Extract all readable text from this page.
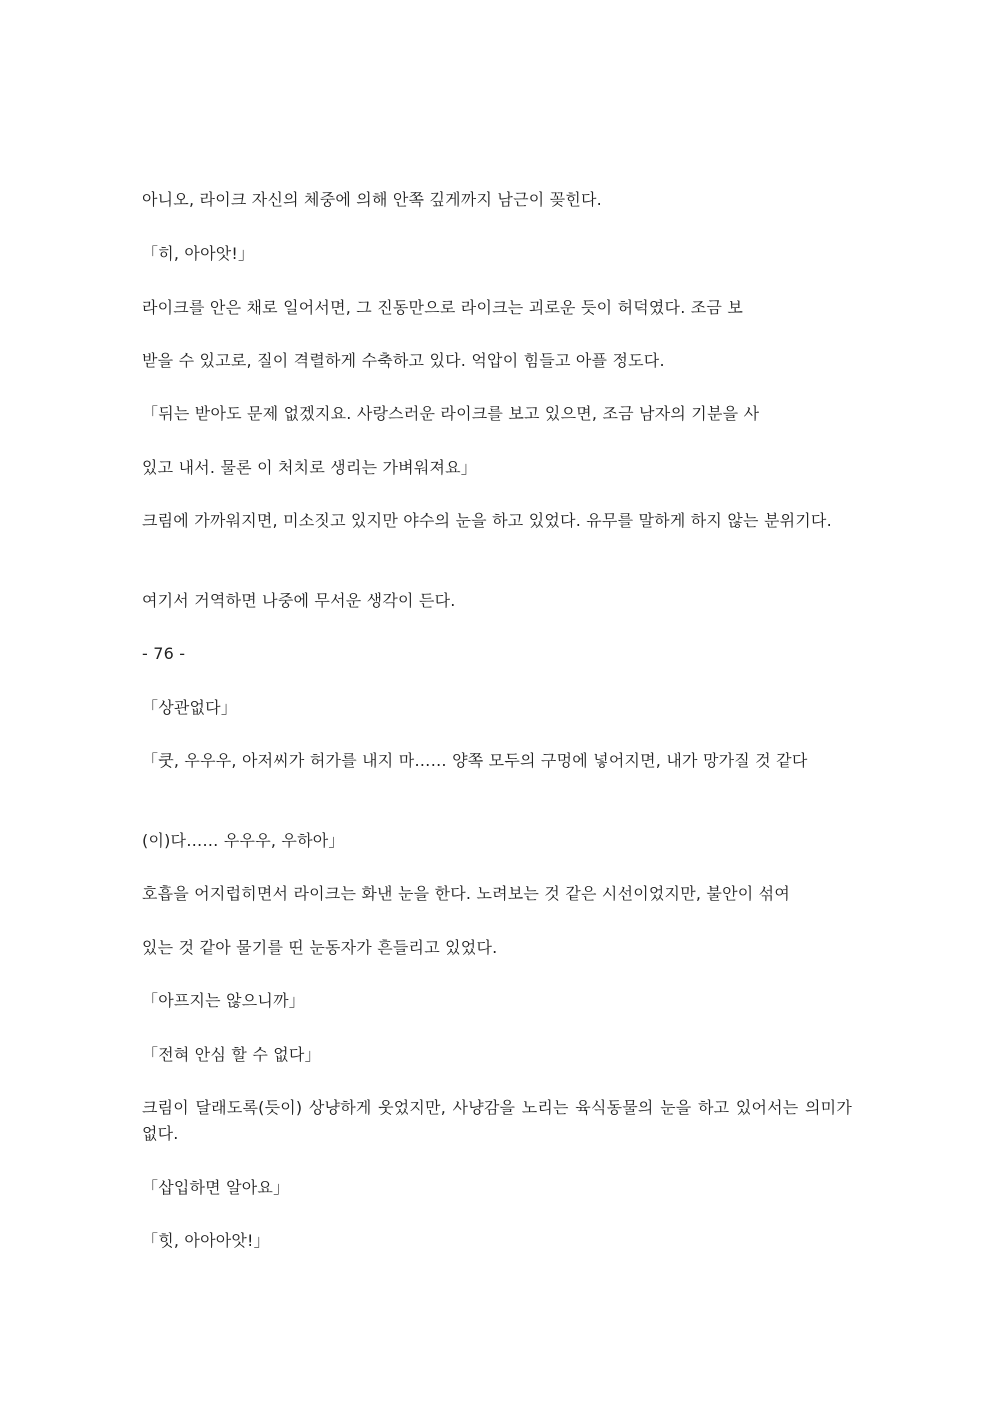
아니오, 라이크 자신의 체중에 의해 안쪽 깊게까지 남근이 꽂힌다.
「히, 아아앗!」
라이크를 안은 채로 일어서면, 그 진동만으로 라이크는 괴로운 듯이 허덕였다. 조금 보
받을 수 있고로, 질이 격렬하게 수축하고 있다. 억압이 힘들고 아플 정도다.
「뒤는 받아도 문제 없겠지요. 사랑스러운 라이크를 보고 있으면, 조금 남자의 기분을 사
있고 내서. 물론 이 처치로 생리는 가벼워져요」
크림에 가까워지면, 미소짓고 있지만 야수의 눈을 하고 있었다. 유무를 말하게 하지 않는 분위기다.
여기서 거역하면 나중에 무서운 생각이 든다.
- 76 -
「상관없다」
「쿳, 우우우, 아저씨가 허가를 내지 마…… 양쪽 모두의 구멍에 넣어지면, 내가 망가질 것 같다
(이)다…… 우우우, 우하아」
호흡을 어지럽히면서 라이크는 화낸 눈을 한다. 노려보는 것 같은 시선이었지만, 불안이 섞여
있는 것 같아 물기를 띤 눈동자가 흔들리고 있었다.
「아프지는 않으니까」
「전혀 안심 할 수 없다」
크림이 달래도록(듯이) 상냥하게 웃었지만, 사냥감을 노리는 육식동물의 눈을 하고 있어서는 의미가 없다.
「삽입하면 알아요」
「힛, 아아아앗!」
